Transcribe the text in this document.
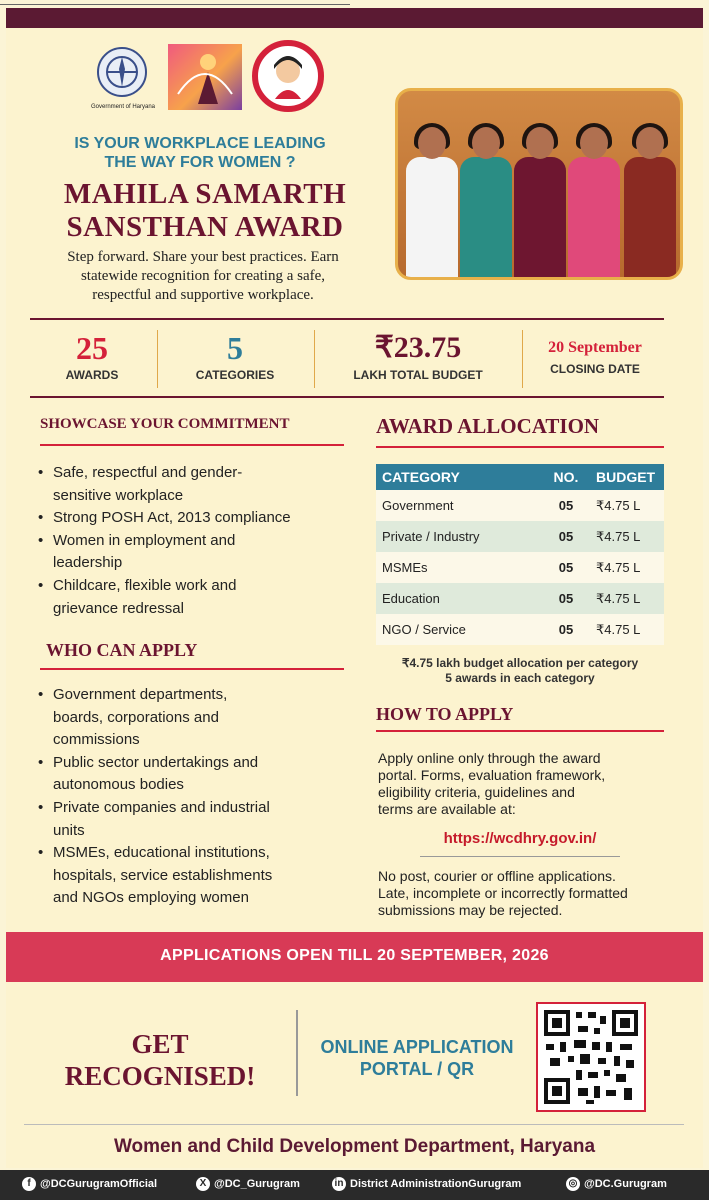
Government of Haryana
IS YOUR WORKPLACE LEADING
THE WAY FOR WOMEN ?
MAHILA SAMARTH
SANSTHAN AWARD
Step forward. Share your best practices. Earn
statewide recognition for creating a safe,
respectful and supportive workplace.
25
AWARDS
5
CATEGORIES
₹23.75
LAKH TOTAL BUDGET
20 September
CLOSING DATE
SHOWCASE YOUR COMMITMENT
• Safe, respectful and gender-
sensitive workplace
• Strong POSH Act, 2013 compliance
• Women in employment and
leadership
• Childcare, flexible work and
grievance redressal
WHO CAN APPLY
• Government departments,
boards, corporations and
commissions
• Public sector undertakings and
autonomous bodies
• Private companies and industrial
units
• MSMEs, educational institutions,
hospitals, service establishments
and NGOs employing women
AWARD ALLOCATION
CATEGORY	NO.	BUDGET
Government	05	₹4.75 L
Private / Industry	05	₹4.75 L
MSMEs	05	₹4.75 L
Education	05	₹4.75 L
NGO / Service	05	₹4.75 L
₹4.75 lakh budget allocation per category
5 awards in each category
HOW TO APPLY
Apply online only through the award
portal. Forms, evaluation framework,
eligibility criteria, guidelines and
terms are available at:
https://wcdhry.gov.in/
No post, courier or offline applications.
Late, incomplete or incorrectly formatted
submissions may be rejected.
APPLICATIONS OPEN TILL 20 SEPTEMBER, 2026
GET
RECOGNISED!
ONLINE APPLICATION
PORTAL / QR
Women and Child Development Department, Haryana
f @DCGurugramOfficial	X @DC_Gurugram	in District AdministrationGurugram	◎ @DC.Gurugram
